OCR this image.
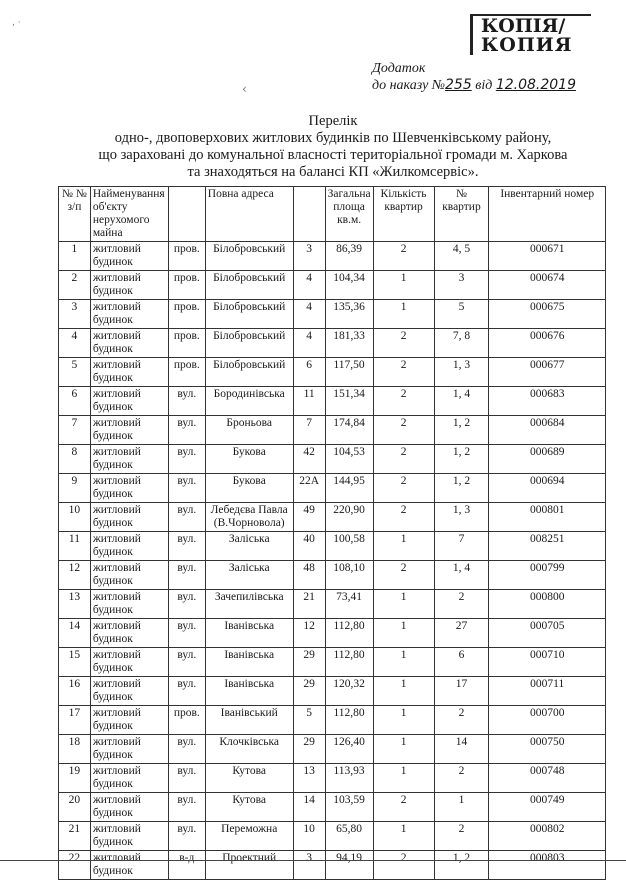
КОПІЯ/
КОПИЯ
‚ ·
‹
Додаток
до наказу №255 від 12.08.2019
Перелік
одно-, двоповерхових житлових будинків по Шевченківському району,
що зараховані до комунальної власності територіальної громади м. Харкова
та знаходяться на балансі КП «Жилкомсервіс».
№ № з/п	Найменування об'єкту нерухомого майна		Повна адреса		Загальна площа кв.м.	Кількість квартир	№ квартир	Інвентарний номер
1	житловий будинок	пров.	Білобровський	3	86,39	2	4, 5	000671
2	житловий будинок	пров.	Білобровський	4	104,34	1	3	000674
3	житловий будинок	пров.	Білобровський	4	135,36	1	5	000675
4	житловий будинок	пров.	Білобровський	4	181,33	2	7, 8	000676
5	житловий будинок	пров.	Білобровський	6	117,50	2	1, 3	000677
6	житловий будинок	вул.	Бородинівська	11	151,34	2	1, 4	000683
7	житловий будинок	вул.	Броньова	7	174,84	2	1, 2	000684
8	житловий будинок	вул.	Букова	42	104,53	2	1, 2	000689
9	житловий будинок	вул.	Букова	22А	144,95	2	1, 2	000694
10	житловий будинок	вул.	Лебедєва Павла (В.Чорновола)	49	220,90	2	1, 3	000801
11	житловий будинок	вул.	Заліська	40	100,58	1	7	008251
12	житловий будинок	вул.	Заліська	48	108,10	2	1, 4	000799
13	житловий будинок	вул.	Зачепилівська	21	73,41	1	2	000800
14	житловий будинок	вул.	Іванівська	12	112,80	1	27	000705
15	житловий будинок	вул.	Іванівська	29	112,80	1	6	000710
16	житловий будинок	вул.	Іванівська	29	120,32	1	17	000711
17	житловий будинок	пров.	Іванівський	5	112,80	1	2	000700
18	житловий будинок	вул.	Клочківська	29	126,40	1	14	000750
19	житловий будинок	вул.	Кутова	13	113,93	1	2	000748
20	житловий будинок	вул.	Кутова	14	103,59	2	1	000749
21	житловий будинок	вул.	Переможна	10	65,80	1	2	000802
22	житловий будинок	в-д	Проектний	3	94,19	2	1, 2	000803
